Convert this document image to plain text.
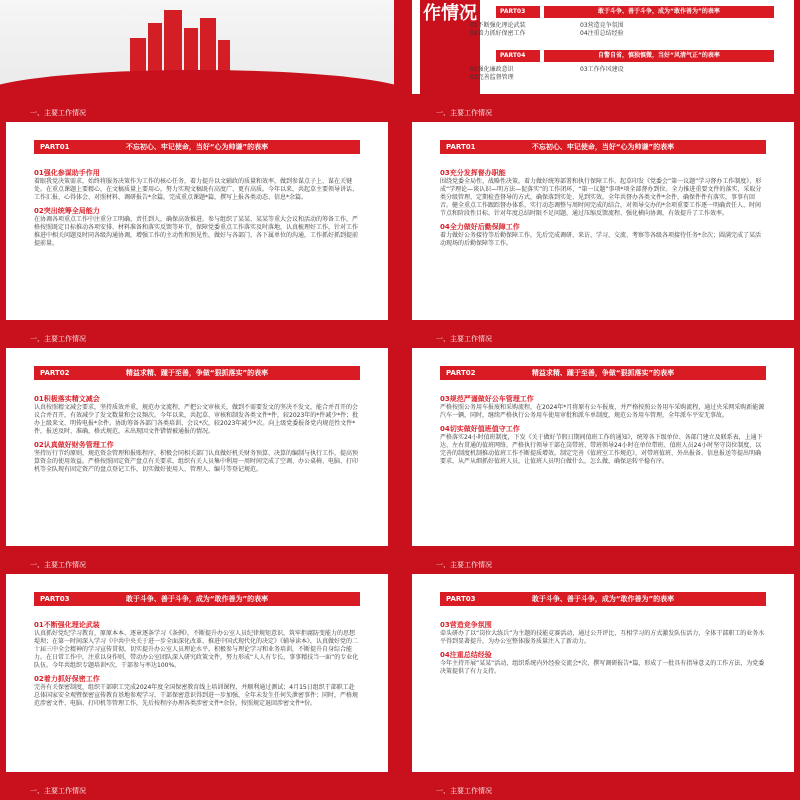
作情况	PART03	敢于斗争、善于斗争，成为“敢作善为”的表率
01不断强化理论武装	03营造竞争氛围
02着力抓好保密工作	04注重总结经验
PART04	自警自省，慎独慎微，当好“风清气正”的表率
01强化廉政意识	03工作作风建设
02完善监督管理
一、主要工作情况
PART01	不忘初心、牢记使命，当好“心为帅谦”的表率
01强化参谋助手作用
着眼我党决策需求，始终将服务决策作为工作的核心任务，着力提升以文辅政的质量和效率，做到参谋点子上、谋在关键处。在重点课题上要精心，在文稿质量上要用心，努力实现文稿既有高度广、更有高质。今年以来，共起草主要领导讲话、工作汇报、心得体会、对照材料、调研报告*余篇，完成重点课题*篇，撰写上报各类动态、信息*余篇。
02突出统筹全局能力
在协调各项重点工作中注重分工明确、责任到人，确保高效推进。参与组织了某某、某某等重大会议和活动的筹备工作，严格按照既定目标推动各项安排、材料准备和落实反馈等环节，保障党委重点工作落实及时落地，认真梳理好工作，针对工作推进中相关问题及时同各级沟通协调，增强工作的主动性和预见性，做好与各部门、各下属单位的沟通，工作抓好抓到提前提前量。
一、主要工作情况
PART01	不忘初心、牢记使命，当好“心为帅谦”的表率
03充分发挥督办职能
围绕党委全局性、战略性决策，着力做好统筹部署和执行保障工作。起草印发《党委会“第一议题”学习督办工作制度》，形成“学理论—谈认识—明方法—促落实”的工作闭环，“第一议题”事项*项全部督办到位。全力推进重要文件的落实，采取分类分级管理、定期检查督导的方式，确保落到实处、见到实效。全年共督办各类文件*余件，确保件件有落实，事事有回音。健全重点工作跟踪督办体系，实行动态调整与周时间完成的结合，对领导交办的*余项重要工作逐一明确责任人、时间节点和阶段性目标。针对年度总结时限不足问题，通过压缩反馈流程、强化横向协调，有效提升了工作效率。
04全力做好后勤保障工作
着力做好公务接待等后勤保障工作，先后完成调研、来访、学习、交流、考察等各级各项接待任务*余次；圆满完成了某活动现场的后勤保障等工作。
一、主要工作情况
PART02	精益求精、踵于至善，争做“狠抓落实”的表率
01积极落实精文减会
认真按照精文减会要求，坚持质效并重，规范办文流程，严把公文审核关，做到不需要发文的坚决不发文，能合并召开的会议合并召开，有效减少了发文数量和会议频次。今年以来，共起草、审核和制发各类文件*件，较2023年的*件减少*件；批办上级来文、明传电报*余件。协助筹备各部门各类培训、会议*次，较2023年减少*次。向上级党委报备党内规范性文件*件，报送及时、准确，格式规范，未出现因文件错情被通报的情况。
02认真做好财务管理工作
坚持厉行节约原则，规范资金管理和报账程序，积极会同相关部门认真做好机关财务预算、决算的编制与执行工作，提高预算资金的使用效益。严格按照固定资产盘点有关要求，组织有关人员集中利用一周时间完成了空调、办公桌椅、电脑、打印机等全队现有固定资产的盘点登记工作，切实做好使用人、管理人、编号等登记规范。
一、主要工作情况
PART02	精益求精、踵于至善，争做“狠抓落实”的表率
03规范严谨做好公车管理工作
严格按照公务用车报废和采购流程，在2024年*月将原有公车报废，并严格按照公务用车采购流程，通过央采网采购新能源汽车一辆，同时，继续严格执行公务用车使用审批和派车单制度，规范公务用车管理，全年派车平安无事故。
04切实做好值班值守工作
严格落实24小时值班制度，下发《关于做好节假日期间值班工作的通知》，统筹各下级单位、各部门建立及联系表，上通下达、左右贯通的值班网络，严格执行领导干部在岗带班、带班领导24小时在单位带班、值班人员24小时坚守岗位制度，以完善的制度机制推动值班工作不断提质增效。制定完善《值班室工作规范》，对带班值班、外出报备、信息报送等提出明确要求，从严从细抓好值班人员，让值班人员明白做什么，怎么做，确保运转平稳有序。
一、主要工作情况
PART03	敢于斗争、善于斗争，成为“敢作善为”的表率
01不断强化理论武装
认真抓好党纪学习教育，原原本本、逐章逐条学习《条例》，不断提升办公室人员纪律规矩意识，筑牢拒腐防变能力的思想堤坝；在第一时间深入学习《中共中央关于进一步全面深化改革、推进中国式现代化的决定》《辅导读本》，认真做好党的二十届三中全会精神的学习宣传贯彻，切实提升办公室人员理论水平。积极参与理论学习和业务培训，不断提升自身综合能力。在日常工作中，注重以身作则，带动办公室团队深入研究政策文件，努力形成“人人有专长，事事精技当一面”的专业化队伍。今年共组织专题培训*次，干部参与率达100%。
02着力抓好保密工作
完善有关保密制度，组织干部职工完成2024年度全国保密教育线上培训课程，并顺利通过测试；4月15日组织干部职工赴总体国家安全观暨保密宣传教育基地参观学习，干部保密意识得到进一步加强，全年未发生任何失泄密事件；同时，严格规范涉密文件、电脑、打印机等管理工作，先后按程序办理各类涉密文件*余份，按照规定退回涉密文件*份。
一、主要工作情况
PART03	敢于斗争、善于斗争，成为“敢作善为”的表率
03营造竞争氛围
牵头研办了以“岗位大练兵”为主题的技能竞赛活动，通过公开评比、互相学习的方式激发队伍活力，全体干部职工的业务水平得到显著提升，为办公室整体服务质量注入了新动力。
04注重总结经验
今年主持开展“某某”活动，组织系统内外经验交流会*次，撰写调研报告*篇，形成了一批具有指导意义的工作方法，为党委决策提供了有力支持。
一、主要工作情况	一、主要工作情况
